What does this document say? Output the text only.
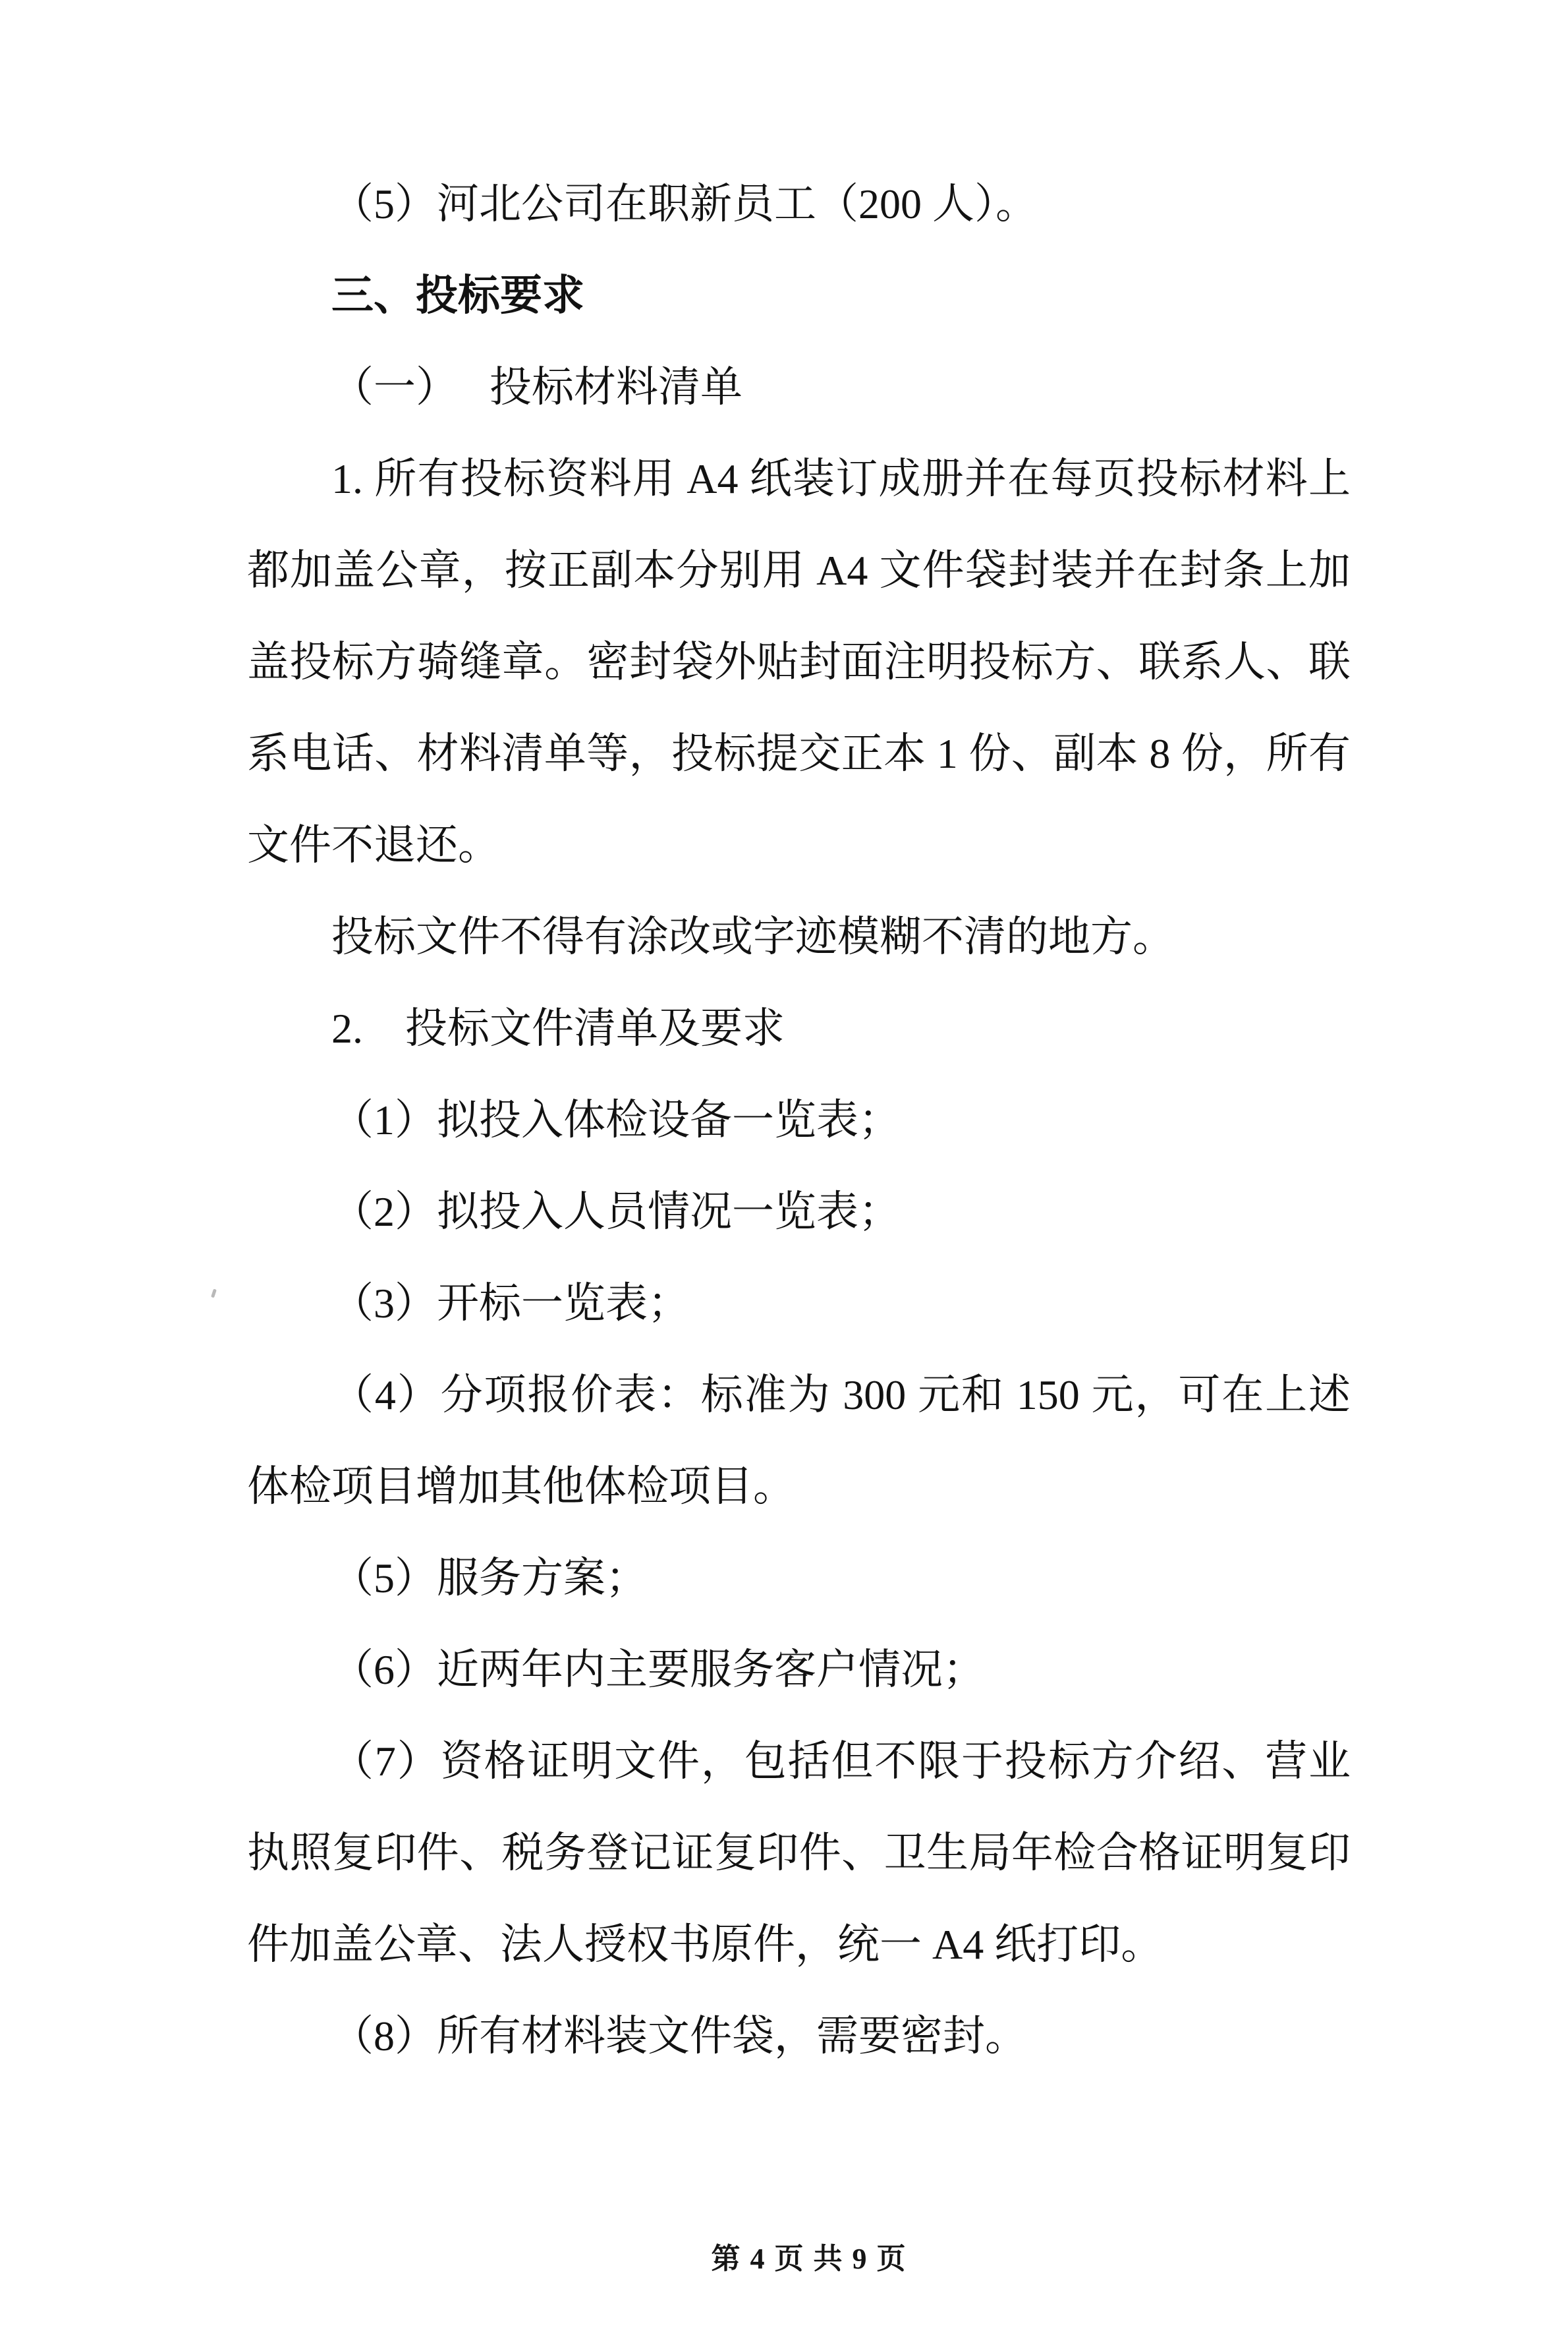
（5）河北公司在职新员工（200 人）。
三、投标要求
（一）　 投标材料清单
1. 所有投标资料用 A4 纸装订成册并在每页投标材料上
都加盖公章，按正副本分别用 A4 文件袋封装并在封条上加
盖投标方骑缝章。密封袋外贴封面注明投标方、联系人、联
系电话、材料清单等，投标提交正本 1 份、副本 8 份，所有
文件不退还。
投标文件不得有涂改或字迹模糊不清的地方。
2.　投标文件清单及要求
（1）拟投入体检设备一览表；
（2）拟投入人员情况一览表；
（3）开标一览表；
（4）分项报价表：标准为 300 元和 150 元，可在上述
体检项目增加其他体检项目。
（5）服务方案；
（6）近两年内主要服务客户情况；
（7）资格证明文件，包括但不限于投标方介绍、营业
执照复印件、税务登记证复印件、卫生局年检合格证明复印
件加盖公章、法人授权书原件，统一 A4 纸打印。
（8）所有材料装文件袋，需要密封。
第 4 页 共 9 页
